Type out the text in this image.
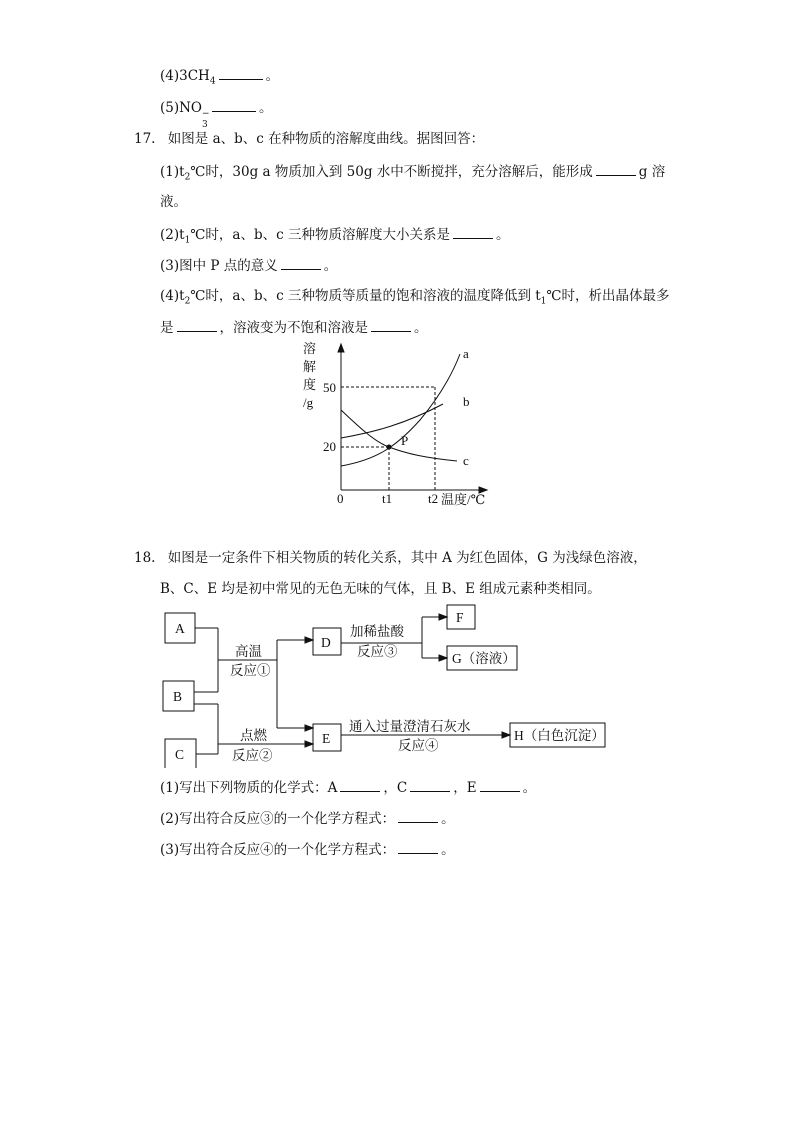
$(4)3CH_4$	。
(5)NO −
3
。
17. 如图是 a、b、c 在种物质的溶解度曲线。据图回答：
$(1)t_2℃$时，30g a 物质加入到 50g 水中不断搅拌，充分溶解后，能形成	g 溶
液。
$(2)t_1℃$时，a、b、c 三种物质溶解度大小关系是	。
(3)图中 P 点的意义	。
$(4)t_2℃$时，a、b、c 三种物质等质量的饱和溶液的温度降低到 $t_1℃$时，析出晶体最多
是	，溶液变为不饱和溶液是	。
溶
解
度
/g
50
20
0	t1	t2 温度/℃
P
a
b
c
18. 如图是一定条件下相关物质的转化关系，其中 A 为红色固体，G 为浅绿色溶液，
B、C、E 均是初中常见的无色无味的气体，且 B、E 组成元素种类相同。
A
B
C
D
E
F
G（溶液）
H（白色沉淀）
高温
反应①
点燃
反应②
加稀盐酸
反应③
通入过量澄清石灰水
反应④
(1)写出下列物质的化学式：A	，C	，E	。
(2)写出符合反应③的一个化学方程式：	。
(3)写出符合反应④的一个化学方程式：	。
